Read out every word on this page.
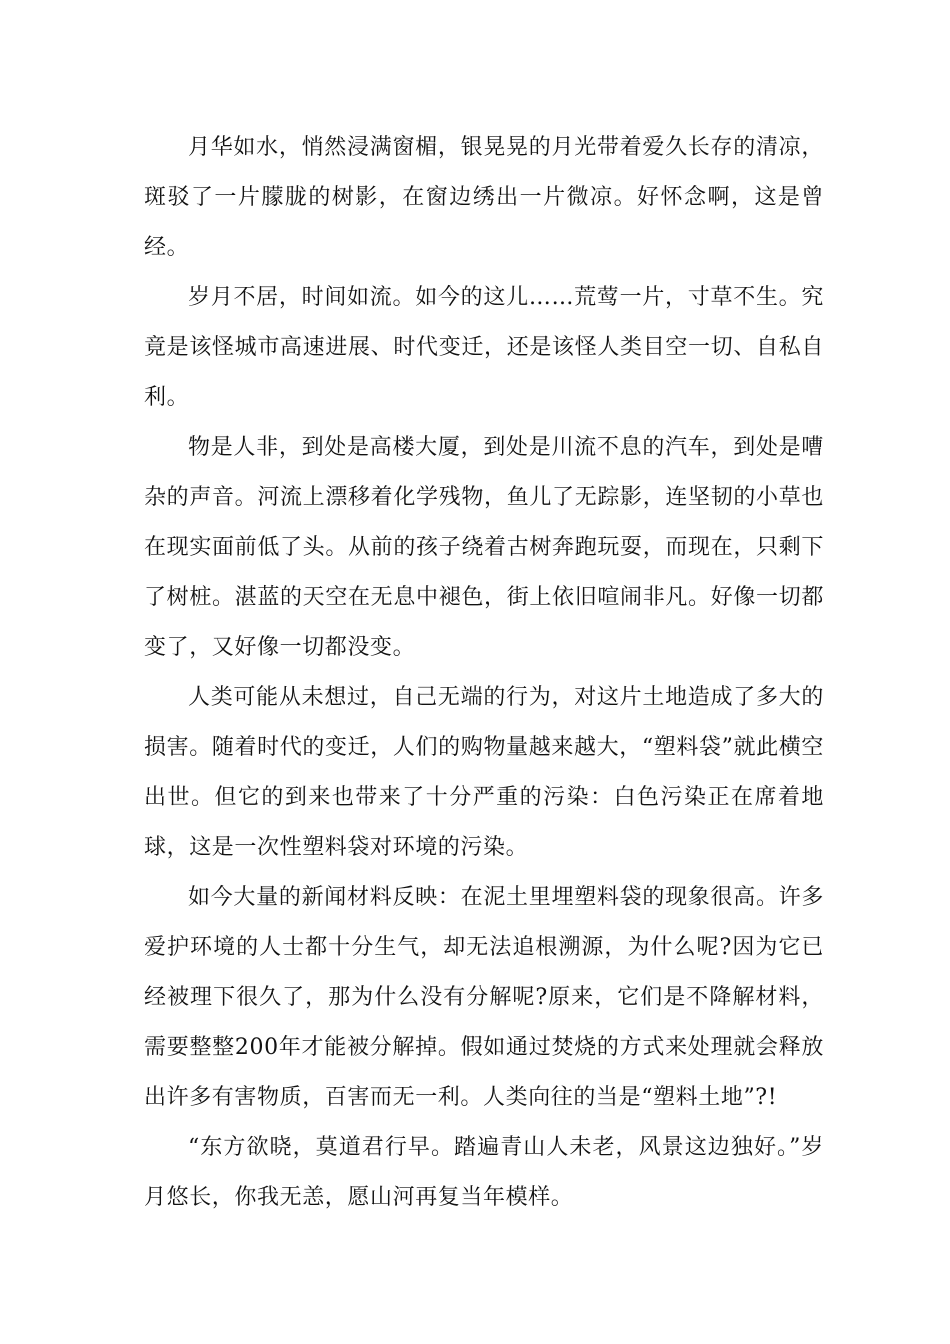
月华如水，悄然浸满窗楣，银晃晃的月光带着爱久长存的清凉，斑驳了一片朦胧的树影，在窗边绣出一片微凉。好怀念啊，这是曾经。

岁月不居，时间如流。如今的这儿……荒莺一片，寸草不生。究竟是该怪城市高速进展、时代变迁，还是该怪人类目空一切、自私自利。

物是人非，到处是高楼大厦，到处是川流不息的汽车，到处是嘈杂的声音。河流上漂移着化学残物，鱼儿了无踪影，连坚韧的小草也在现实面前低了头。从前的孩子绕着古树奔跑玩耍，而现在，只剩下了树桩。湛蓝的天空在无息中褪色，街上依旧喧闹非凡。好像一切都变了，又好像一切都没变。

人类可能从未想过，自己无端的行为，对这片土地造成了多大的损害。随着时代的变迁，人们的购物量越来越大，“塑料袋”就此横空出世。但它的到来也带来了十分严重的污染：白色污染正在席着地球，这是一次性塑料袋对环境的污染。

如今大量的新闻材料反映：在泥土里埋塑料袋的现象很高。许多爱护环境的人士都十分生气，却无法追根溯源，为什么呢?因为它已经被理下很久了，那为什么没有分解呢?原来，它们是不降解材料，需要整整200年才能被分解掉。假如通过焚烧的方式来处理就会释放出许多有害物质，百害而无一利。人类向往的当是“塑料土地”?!

“东方欲晓，莫道君行早。踏遍青山人未老，风景这边独好。”岁月悠长，你我无恙，愿山河再复当年模样。
